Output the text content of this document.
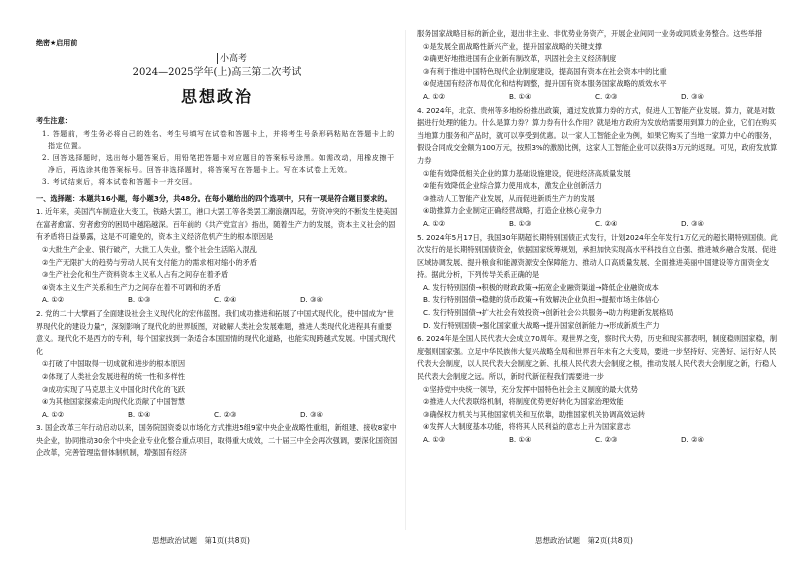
绝密★启用前
小高考
2024—2025学年(上)高三第二次考试
思想政治
考生注意：
1. 答题前，考生务必将自己的姓名、考生号填写在试卷和答题卡上，并将考生号条形码粘贴在答题卡上的指定位置。
2. 回答选择题时，选出每小题答案后，用铅笔把答题卡对应题目的答案标号涂黑。如需改动，用橡皮擦干净后，再选涂其他答案标号。回答非选择题时，将答案写在答题卡上。写在本试卷上无效。
3. 考试结束后，将本试卷和答题卡一并交回。
一、选择题：本题共16小题，每小题3分，共48分。在每小题给出的四个选项中，只有一项是符合题目要求的。
1. 近年来，美国汽车制造业大变工，铁路大罢工，港口大罢工等各类罢工潮浪潮四起，劳资冲突的不断发生使美国在富者愈富、穷者愈穷的困局中越陷越深。百年前的《共产党宣言》指出，随着生产力的发展，资本主义社会的固有矛盾将日益暴露，这是不可避免的，资本主义经济危机产生的根本原因是
①大批生产企业、银行破产，大批工人失业，整个社会生活陷入混乱
②生产无限扩大的趋势与劳动人民有支付能力的需求相对缩小的矛盾
③生产社会化和生产资料资本主义私人占有之间存在着矛盾
④资本主义生产关系和生产力之间存在着不可调和的矛盾
A. ①②	B. ①③	C. ②④	D. ③④
2. 党的二十大擘画了全面建设社会主义现代化的宏伟蓝图。我们成功推进和拓展了中国式现代化，使中国成为“世界现代化的建设力量”，深刻影响了现代化的世界版图，对破解人类社会发展难题，推进人类现代化进程具有重要意义。现代化不是西方的专利，每个国家找到一条适合本国国情的现代化道路，也能实现跨越式发展。中国式现代化
①打破了中国取得一切成就和进步的根本原因
②体现了人类社会发展进程的统一性和多样性
③成功实现了马克思主义中国化时代化的飞跃
④为其他国家探索走向现代化贡献了中国智慧
A. ①②	B. ①④	C. ②③	D. ③④
3. 国企改革三年行动启动以来，国务院国资委以市场化方式推进5组9家中央企业战略性重组，新组建、接收8家中央企业，协同推动30余个中央企业专业化整合重点项目，取得重大成效，二十届三中全会再次强调，要深化国资国企改革，完善管理监督体制机制，增强国有经济
服务国家战略目标的新企业，退出非主业、非优势业务资产，开展企业间同一业务或同质业务整合。这些举措
①是发展全面战略性新兴产业，提升国家战略的关键支撑
②确更好地推进国有企业新有制改革，巩固社会主义经济制度
③有利于推进中国特色现代企业制度建设，提高国有资本在社会资本中的比重
④促进国有经济布局优化和结构调整，提升国有资本服务国家战略的质效水平
A. ①②	B. ①④	C. ②③	D. ③④
4. 2024年，北京、贵州等多地纷纷推出政策，通过发放算力券的方式，促进人工智能产业发展。算力，就是对数据进行处理的能力。什么是算力券？算力券有什么作用？就是地方政府为发放给需要用到算力的企业，它们在购买当地算力服务和产品时，就可以享受到优惠。以一家人工智能企业为例，如果它购买了当地一家算力中心的服务，假设合同成交金额为100万元，按照3%的激励比例，这家人工智能企业可以获得3万元的返现。可见，政府发放算力券
①能有效降低相关企业的算力基础设施建设，促进经济高质量发展
②能有效降低企业综合算力使用成本，激发企业创新活力
③推动人工智能产业发展，从而促进新质生产力的发展
④助推算力企业制定正确经营战略，打造企业核心竞争力
A. ①②	B. ①③	C. ②④	D. ③④
5. 2024年5月17日，我国30年期超长期特别国债正式发行，计划2024年全年发行1万亿元的超长期特别国债。此次发行的是长期特别国债资金，依据国家统筹规划，承担加快实现高水平科技自立自强、推进城乡融合发展、促进区域协调发展、提升粮食和能源资源安全保障能力、推动人口高质量发展、全面推进美丽中国建设等方面资金支持。据此分析，下列传导关系正确的是
A. 发行特别国债→积极的财政政策→拓宽企业融资渠道→降低企业融资成本
B. 发行特别国债→稳健的货币政策→有效解决企业负担→提振市场主体信心
C. 发行特别国债→扩大社会有效投资→创新社会公共服务→助力构建新发展格局
D. 发行特别国债→强化国家重大战略→提升国家创新能力→形成新质生产力
6. 2024年是全国人民代表大会成立70周年。观世界之变，察时代大势，历史和现实都表明，制度稳则国家稳，制度强则国家强。立足中华民族伟大复兴战略全局和世界百年未有之大变局，要进一步坚持好、完善好、运行好人民代表大会制度，以人民代表大会制度之新、扎根人民代表大会制度之根，推动发展人民代表大会制度之新，行稳人民代表大会制度之远。所以，新时代新征程我们需要进一步
①坚持党中央统一领导，充分发挥中国特色社会主义制度的最大优势
②推进人大代表联络机制，将制度优势更好转化为国家治理效能
③确保权力机关与其他国家机关和互依靠，助推国家机关协调高效运转
④发挥人大制度基本功能，将将其人民利益的意志上升为国家意志
A. ①③	B. ①④	C. ②③	D. ②④
思想政治试题　第1页(共8页)	思想政治试题　第2页(共8页)
